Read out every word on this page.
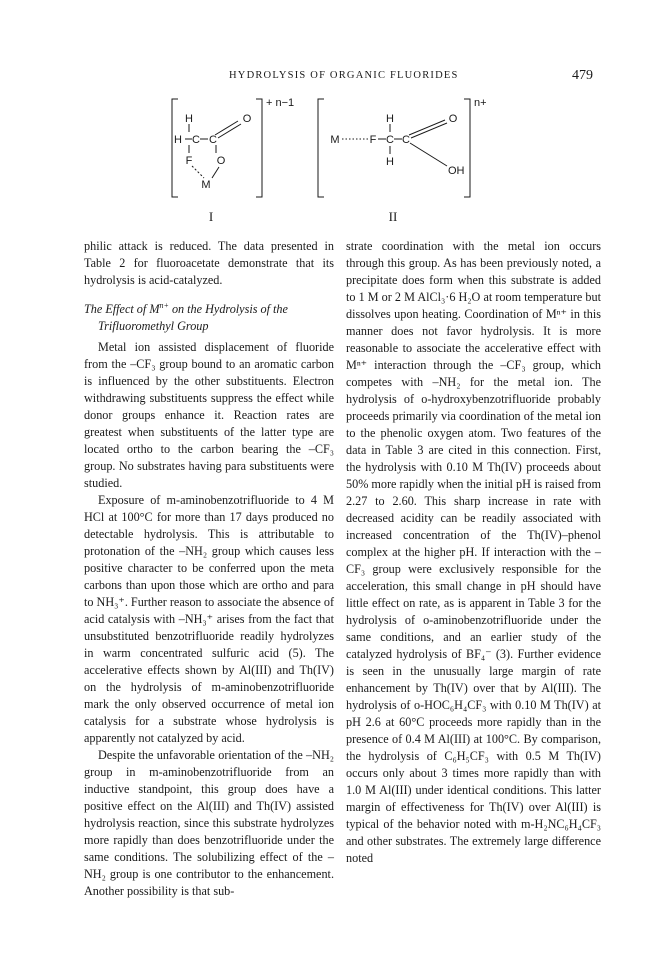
HYDROLYSIS OF ORGANIC FLUORIDES	479
H
H C C
O
F O
M
+ n−1
I
M	F C C
H
H
O
OH
n+
II

philic attack is reduced. The data presented in Table 2 for fluoroacetate demonstrate that its hydrolysis is acid-catalyzed.

The Effect of $M^{n+}$ on the Hydrolysis of the Trifluoromethyl Group

Metal ion assisted displacement of fluoride from the –CF₃ group bound to an aromatic carbon is influenced by the other substituents. Electron withdrawing substituents suppress the effect while donor groups enhance it. Reaction rates are greatest when substituents of the latter type are located ortho to the carbon bearing the –CF₃ group. No substrates having para substituents were studied.

Exposure of m-aminobenzotrifluoride to 4 M HCl at 100°C for more than 17 days produced no detectable hydrolysis. This is attributable to protonation of the –NH₂ group which causes less positive character to be conferred upon the meta carbons than upon those which are ortho and para to NH₃⁺. Further reason to associate the absence of acid catalysis with –NH₃⁺ arises from the fact that unsubstituted benzotrifluoride readily hydrolyzes in warm concentrated sulfuric acid (5). The accelerative effects shown by Al(III) and Th(IV) on the hydrolysis of m-aminobenzotrifluoride mark the only observed occurrence of metal ion catalysis for a substrate whose hydrolysis is apparently not catalyzed by acid.

Despite the unfavorable orientation of the –NH₂ group in m-aminobenzotrifluoride from an inductive standpoint, this group does have a positive effect on the Al(III) and Th(IV) assisted hydrolysis reaction, since this substrate hydrolyzes more rapidly than does benzotrifluoride under the same conditions. The solubilizing effect of the –NH₂ group is one contributor to the enhancement. Another possibility is that sub-

strate coordination with the metal ion occurs through this group. As has been previously noted, a precipitate does form when this substrate is added to 1 M or 2 M AlCl₃·6 H₂O at room temperature but dissolves upon heating. Coordination of Mⁿ⁺ in this manner does not favor hydrolysis. It is more reasonable to associate the accelerative effect with Mⁿ⁺ interaction through the –CF₃ group, which competes with –NH₂ for the metal ion. The hydrolysis of o-hydroxybenzotrifluoride probably proceeds primarily via coordination of the metal ion to the phenolic oxygen atom. Two features of the data in Table 3 are cited in this connection. First, the hydrolysis with 0.10 M Th(IV) proceeds about 50% more rapidly when the initial pH is raised from 2.27 to 2.60. This sharp increase in rate with decreased acidity can be readily associated with increased concentration of the Th(IV)–phenol complex at the higher pH. If interaction with the –CF₃ group were exclusively responsible for the acceleration, this small change in pH should have little effect on rate, as is apparent in Table 3 for the hydrolysis of o-aminobenzotrifluoride under the same conditions, and an earlier study of the catalyzed hydrolysis of BF₄⁻ (3). Further evidence is seen in the unusually large margin of rate enhancement by Th(IV) over that by Al(III). The hydrolysis of o-HOC₆H₄CF₃ with 0.10 M Th(IV) at pH 2.6 at 60°C proceeds more rapidly than in the presence of 0.4 M Al(III) at 100°C. By comparison, the hydrolysis of C₆H₅CF₃ with 0.5 M Th(IV) occurs only about 3 times more rapidly than with 1.0 M Al(III) under identical conditions. This latter margin of effectiveness for Th(IV) over Al(III) is typical of the behavior noted with m-H₂NC₆H₄CF₃ and other substrates. The extremely large difference noted
